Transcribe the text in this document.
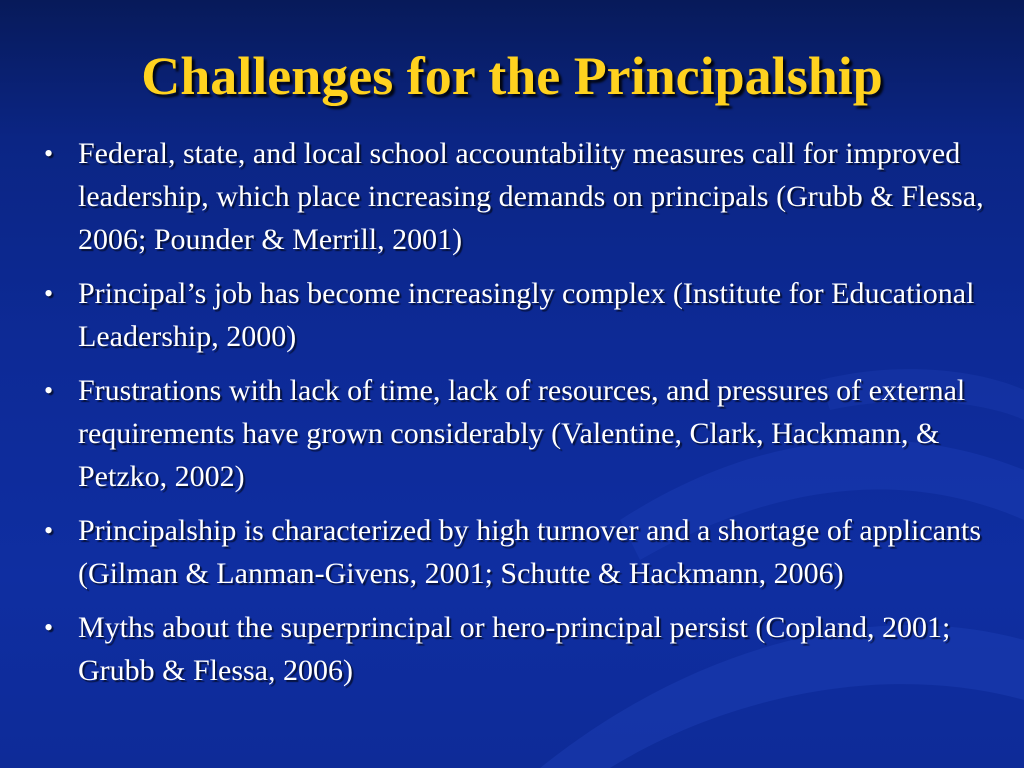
Challenges for the Principalship
• Federal, state, and local school accountability measures call for improved leadership, which place increasing demands on principals (Grubb & Flessa, 2006; Pounder & Merrill, 2001)
• Principal’s job has become increasingly complex (Institute for Educational Leadership, 2000)
• Frustrations with lack of time, lack of resources, and pressures of external requirements have grown considerably (Valentine, Clark, Hackmann, & Petzko, 2002)
• Principalship is characterized by high turnover and a shortage of applicants (Gilman & Lanman-Givens, 2001; Schutte & Hackmann, 2006)
• Myths about the superprincipal or hero-principal persist (Copland, 2001; Grubb & Flessa, 2006)
